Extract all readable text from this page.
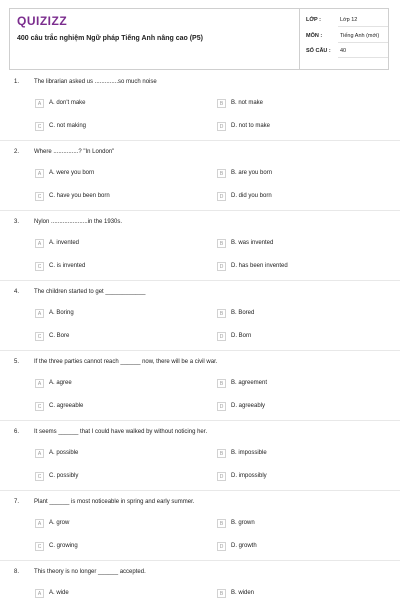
QUIZIZZ
400 câu trắc nghiệm Ngữ pháp Tiếng Anh nâng cao (P5)
LỚP :	Lớp 12
MÔN :	Tiếng Anh (mới)
SỐ CÂU :	40
1. The librarian asked us ..............so much noise
A	A. don't make	B	B. not make
C	C. not making	D	D. not to make
2. Where ...............? "In London"
A	A. were you born	B	B. are you born
C	C. have you been born	D	D. did you born
3. Nylon ......................in the 1930s.
A	A. invented	B	B. was invented
C	C. is invented	D	D. has been invented
4. The children started to get ____________
A	A. Boring	B	B. Bored
C	C. Bore	D	D. Born
5. If the three parties cannot reach ______ now, there will be a civil war.
A	A. agree	B	B. agreement
C	C. agreeable	D	D. agreeably
6. It seems ______ that I could have walked by without noticing her.
A	A. possible	B	B. impossible
C	C. possibly	D	D. impossibly
7. Plant ______ is most noticeable in spring and early summer.
A	A. grow	B	B. grown
C	C. growing	D	D. growth
8. This theory is no longer ______ accepted.
A	A. wide	B	B. widen
